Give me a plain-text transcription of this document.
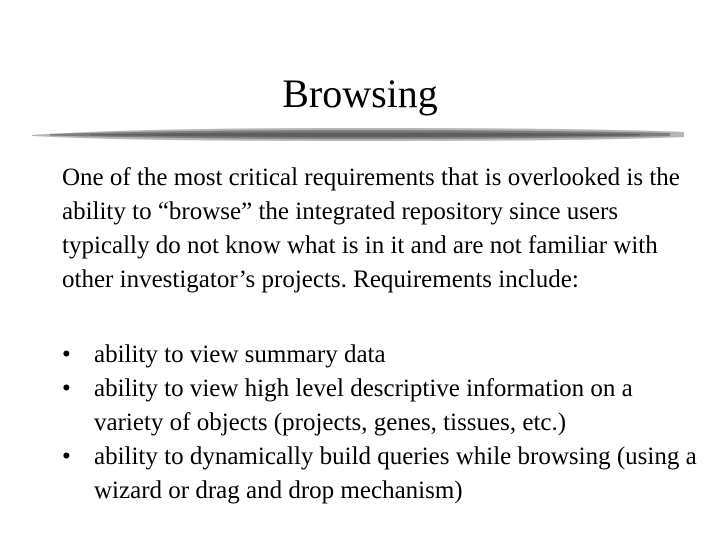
Browsing

One of the most critical requirements that is overlooked is the ability to “browse” the integrated repository since users typically do not know what is in it and are not familiar with other investigator’s projects. Requirements include:

• ability to view summary data
• ability to view high level descriptive information on a variety of objects (projects, genes, tissues, etc.)
• ability to dynamically build queries while browsing (using a wizard or drag and drop mechanism)
